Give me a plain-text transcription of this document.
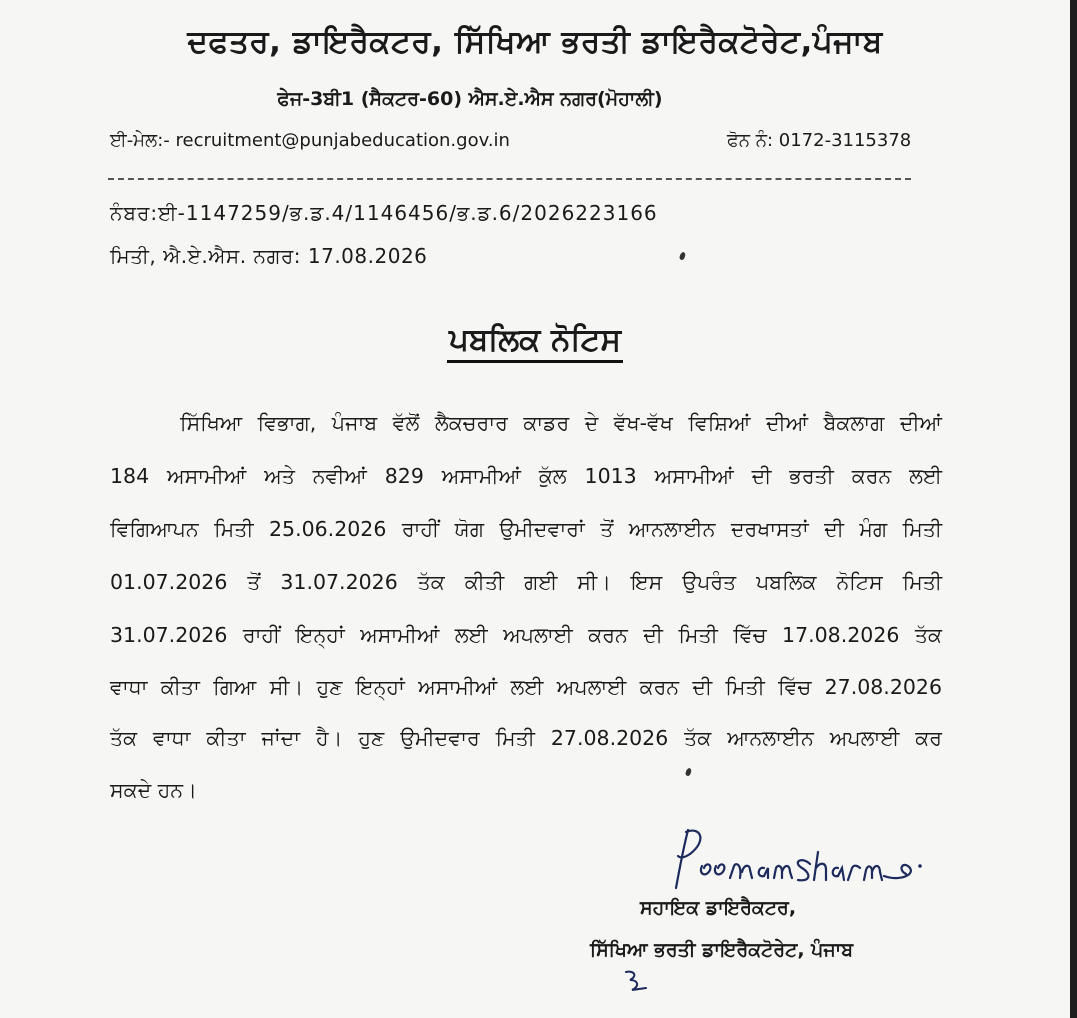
ਦਫਤਰ, ਡਾਇਰੈਕਟਰ, ਸਿੱਖਿਆ ਭਰਤੀ ਡਾਇਰੈਕਟੋਰੇਟ,ਪੰਜਾਬ
ਫੇਜ-3ਬੀ1 (ਸੈਕਟਰ-60) ਐਸ.ਏ.ਐਸ ਨਗਰ(ਮੋਹਾਲੀ)
ਈ-ਮੇਲ:- recruitment@punjabeducation.gov.in	ਫੋਨ ਨੰ: 0172-3115378
ਨੰਬਰ:ਈ-1147259/ਭ.ਡ.4/1146456/ਭ.ਡ.6/2026223166
ਮਿਤੀ, ਐ.ਏ.ਐਸ. ਨਗਰ: 17.08.2026
ਪਬਲਿਕ ਨੋਟਿਸ
ਸਿੱਖਿਆ ਵਿਭਾਗ, ਪੰਜਾਬ ਵੱਲੋਂ ਲੈਕਚਰਾਰ ਕਾਡਰ ਦੇ ਵੱਖ-ਵੱਖ ਵਿਸ਼ਿਆਂ ਦੀਆਂ ਬੈਕਲਾਗ ਦੀਆਂ
184 ਅਸਾਮੀਆਂ ਅਤੇ ਨਵੀਆਂ 829 ਅਸਾਮੀਆਂ ਕੁੱਲ 1013 ਅਸਾਮੀਆਂ ਦੀ ਭਰਤੀ ਕਰਨ ਲਈ
ਵਿਗਿਆਪਨ ਮਿਤੀ 25.06.2026 ਰਾਹੀਂ ਯੋਗ ਉਮੀਦਵਾਰਾਂ ਤੋਂ ਆਨਲਾਈਨ ਦਰਖਾਸਤਾਂ ਦੀ ਮੰਗ ਮਿਤੀ
01.07.2026 ਤੋਂ 31.07.2026 ਤੱਕ ਕੀਤੀ ਗਈ ਸੀ। ਇਸ ਉਪਰੰਤ ਪਬਲਿਕ ਨੋਟਿਸ ਮਿਤੀ
31.07.2026 ਰਾਹੀਂ ਇਨ੍ਹਾਂ ਅਸਾਮੀਆਂ ਲਈ ਅਪਲਾਈ ਕਰਨ ਦੀ ਮਿਤੀ ਵਿੱਚ 17.08.2026 ਤੱਕ
ਵਾਧਾ ਕੀਤਾ ਗਿਆ ਸੀ। ਹੁਣ ਇਨ੍ਹਾਂ ਅਸਾਮੀਆਂ ਲਈ ਅਪਲਾਈ ਕਰਨ ਦੀ ਮਿਤੀ ਵਿੱਚ 27.08.2026
ਤੱਕ ਵਾਧਾ ਕੀਤਾ ਜਾਂਦਾ ਹੈ। ਹੁਣ ਉਮੀਦਵਾਰ ਮਿਤੀ 27.08.2026 ਤੱਕ ਆਨਲਾਈਨ ਅਪਲਾਈ ਕਰ
ਸਕਦੇ ਹਨ।
ਸਹਾਇਕ ਡਾਇਰੈਕਟਰ,
ਸਿੱਖਿਆ ਭਰਤੀ ਡਾਇਰੈਕਟੋਰੇਟ, ਪੰਜਾਬ
